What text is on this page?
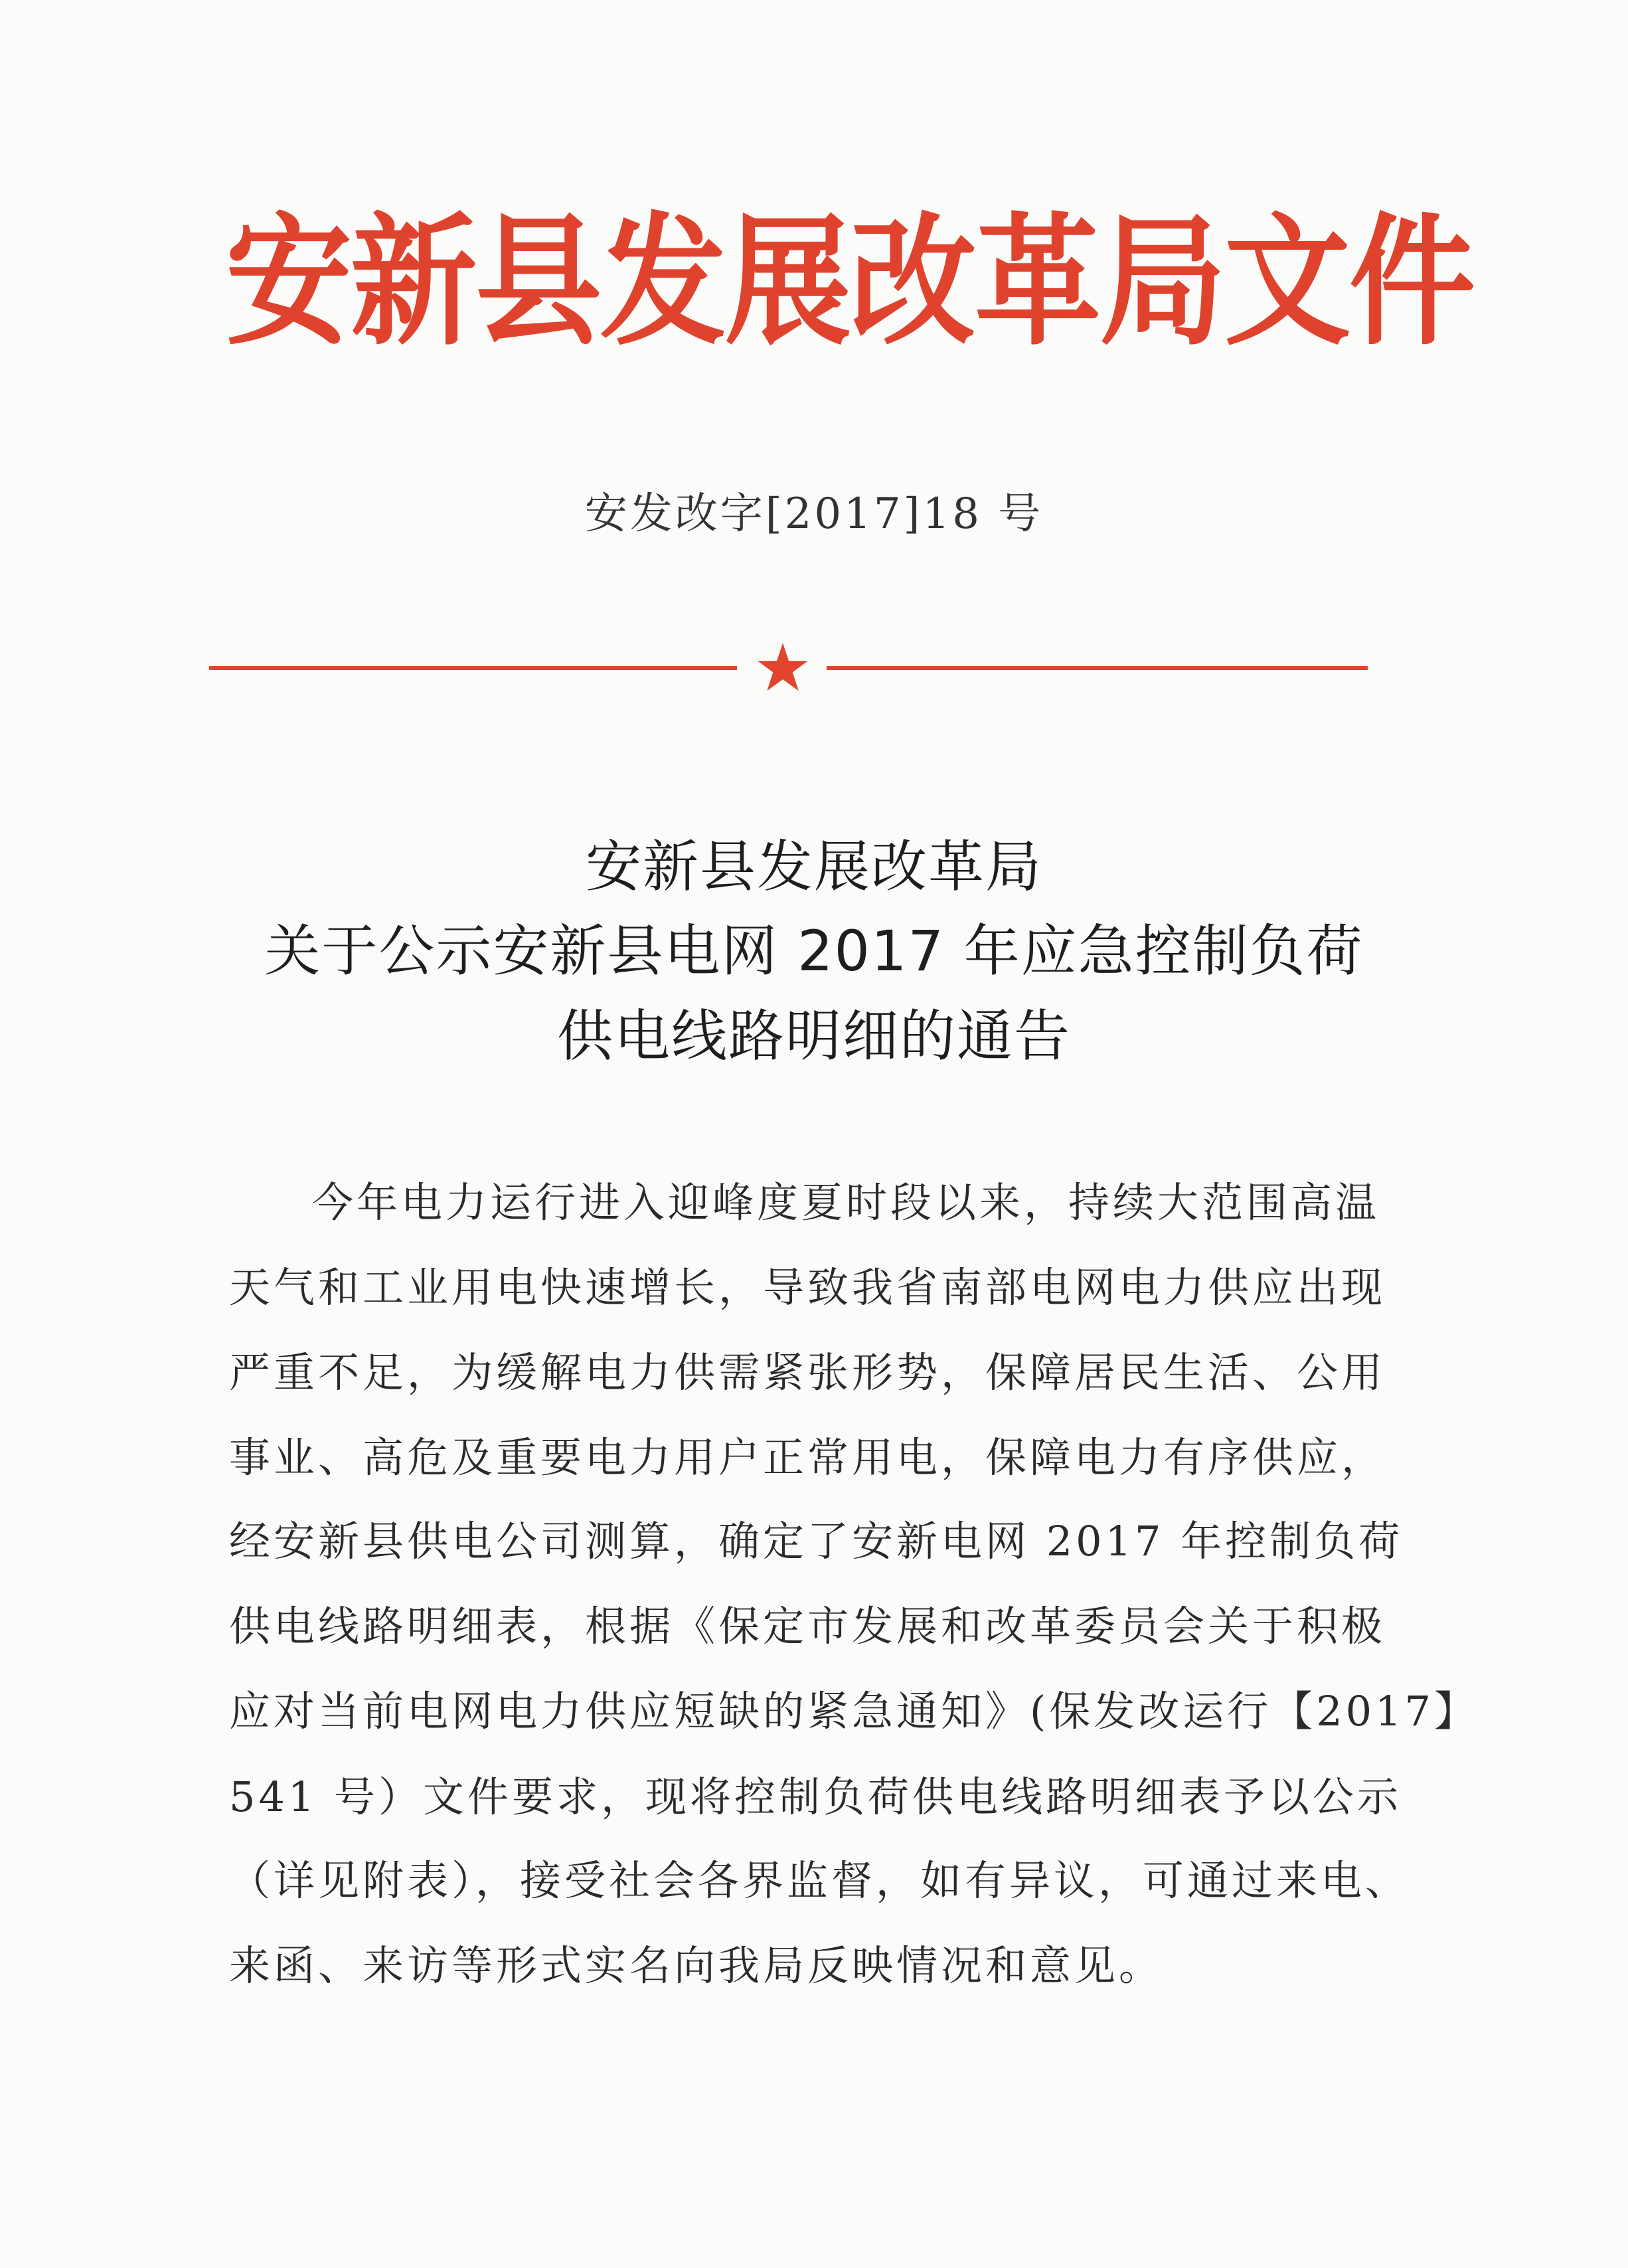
安新县发展改革局文件
安发改字[2017]18 号
安新县发展改革局
关于公示安新县电网 2017 年应急控制负荷
供电线路明细的通告
今年电力运行进入迎峰度夏时段以来，持续大范围高温
天气和工业用电快速增长，导致我省南部电网电力供应出现
严重不足，为缓解电力供需紧张形势，保障居民生活、公用
事业、高危及重要电力用户正常用电，保障电力有序供应，
经安新县供电公司测算，确定了安新电网 2017 年控制负荷
供电线路明细表，根据《保定市发展和改革委员会关于积极
应对当前电网电力供应短缺的紧急通知》(保发改运行【2017】
541 号）文件要求，现将控制负荷供电线路明细表予以公示
（详见附表），接受社会各界监督，如有异议，可通过来电、
来函、来访等形式实名向我局反映情况和意见。
